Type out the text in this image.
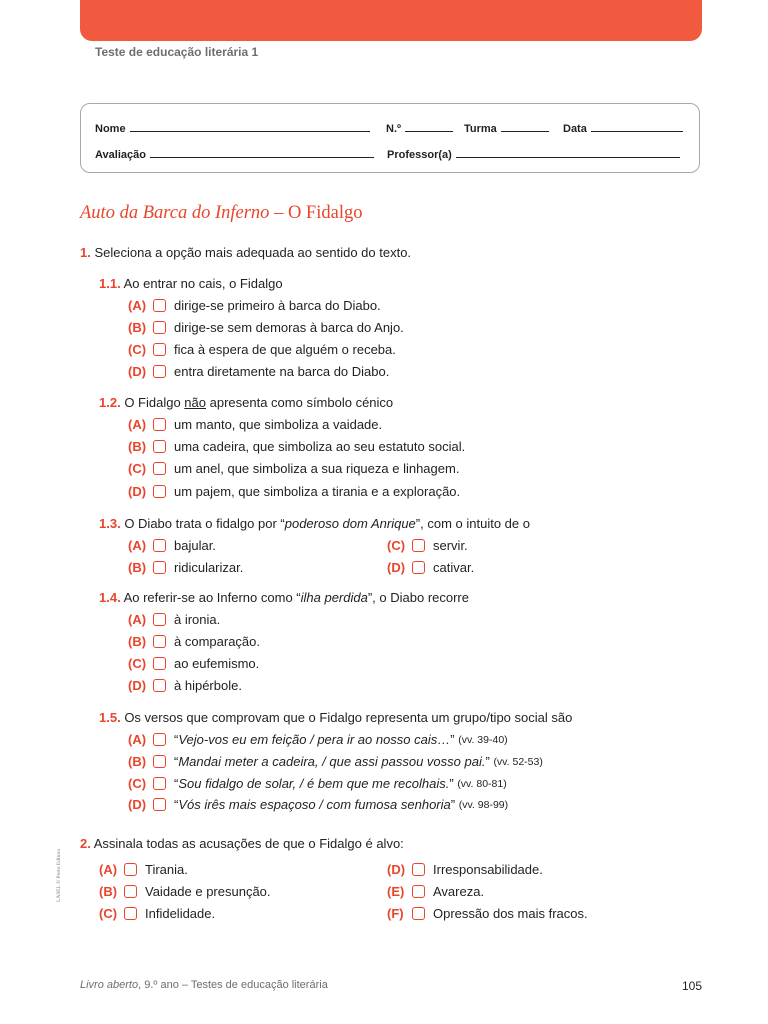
Teste de educação literária 1
Nome	N.º	Turma	Data
Avaliação	Professor(a)
Auto da Barca do Inferno – O Fidalgo
1. Seleciona a opção mais adequada ao sentido do texto.
1.1. Ao entrar no cais, o Fidalgo
(A)	dirige-se primeiro à barca do Diabo.
(B)	dirige-se sem demoras à barca do Anjo.
(C)	fica à espera de que alguém o receba.
(D)	entra diretamente na barca do Diabo.
1.2. O Fidalgo não apresenta como símbolo cénico
(A)	um manto, que simboliza a vaidade.
(B)	uma cadeira, que simboliza ao seu estatuto social.
(C)	um anel, que simboliza a sua riqueza e linhagem.
(D)	um pajem, que simboliza a tirania e a exploração.
1.3. O Diabo trata o fidalgo por “poderoso dom Anrique”, com o intuito de o
(A)	bajular.
(B)	ridicularizar.
(C)	servir.
(D)	cativar.
1.4. Ao referir-se ao Inferno como “ilha perdida”, o Diabo recorre
(A)	à ironia.
(B)	à comparação.
(C)	ao eufemismo.
(D)	à hipérbole.
1.5. Os versos que comprovam que o Fidalgo representa um grupo/tipo social são
(A)	“ Vejo-vos eu em feição / pera ir ao nosso cais… ”
(vv. 39-40)
(B)	“ Mandai meter a cadeira, / que assi passou vosso pai. ”
(vv. 52-53)
(C)	“ Sou fidalgo de solar, / é bem que me recolhais. ”
(vv. 80-81)
(D)	“ Vós irês mais espaçoso / com fumosa senhoria ”
(vv. 98-99)
2. Assinala todas as acusações de que o Fidalgo é alvo:
(A)	Tirania.
(B)	Vaidade e presunção.
(C)	Infidelidade.
(D)	Irresponsabilidade.
(E)	Avareza.
(F)	Opressão dos mais fracos.
LA9EL © Porto Editora
Livro aberto, 9.º ano – Testes de educação literária	105
